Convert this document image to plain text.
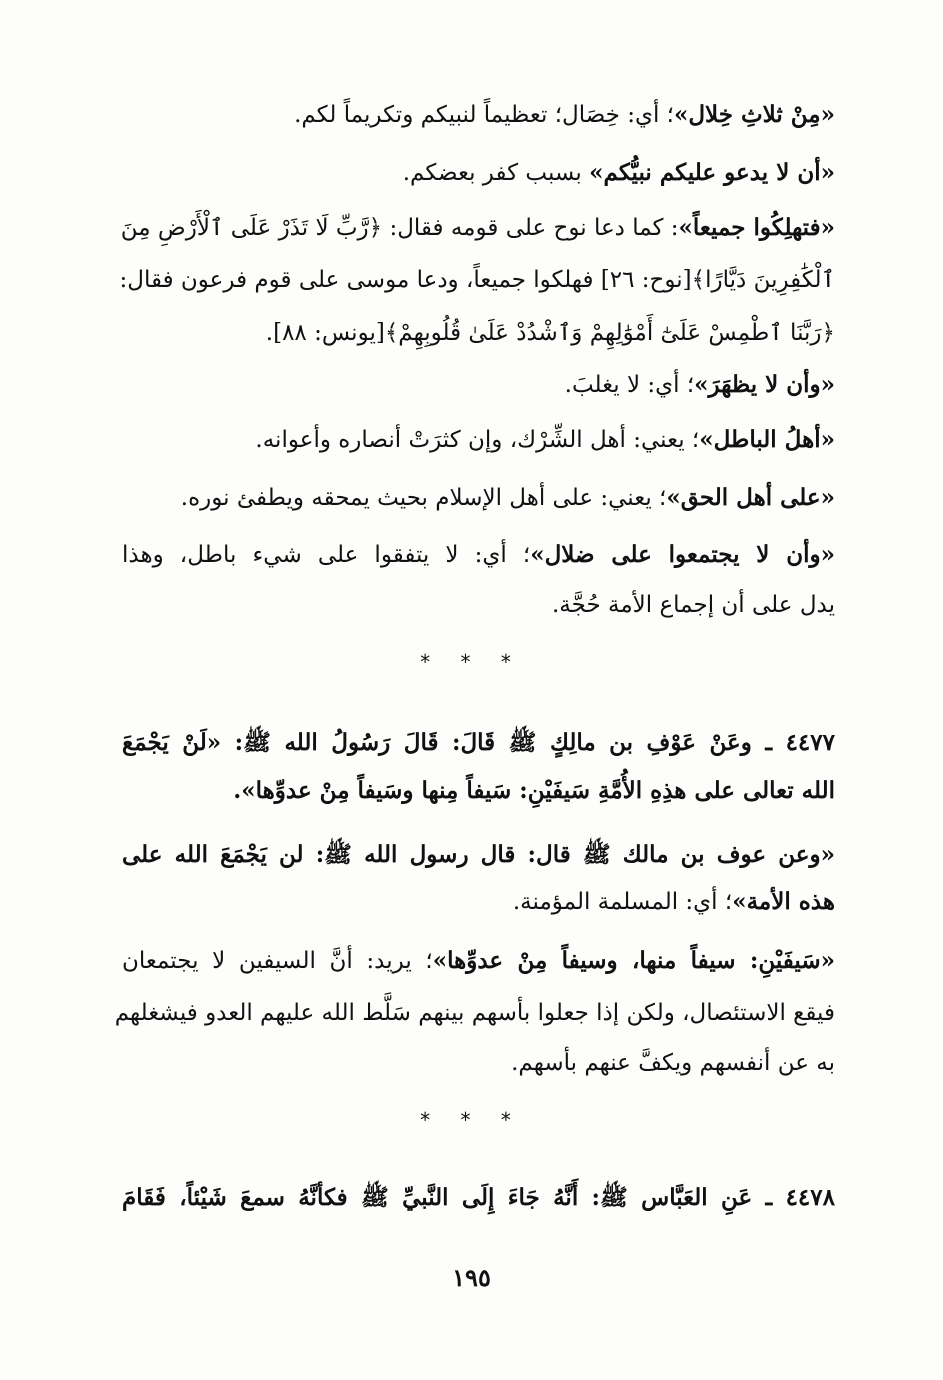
«مِنْ ثلاثِ خِلال»؛ أي: خِصَال؛ تعظيماً لنبيكم وتكريماً لكم.
«أن لا يدعو عليكم نبيُّكم» بسبب كفر بعضكم.
«فتهلِكُوا جميعاً»: كما دعا نوح على قومه فقال: ﴿رَّبِّ لَا تَذَرْ عَلَى ٱلْأَرْضِ مِنَ
ٱلْكَٰفِرِينَ دَيَّارًا﴾[نوح: ٢٦] فهلكوا جميعاً، ودعا موسى على قوم فرعون فقال:
﴿رَبَّنَا ٱطْمِسْ عَلَىٰٓ أَمْوَٰلِهِمْ وَٱشْدُدْ عَلَىٰ قُلُوبِهِمْ﴾[يونس: ٨٨].
«وأن لا يظهَرَ»؛ أي: لا يغلبَ.
«أهلُ الباطل»؛ يعني: أهل الشِّرْك، وإن كثرَتْ أنصاره وأعوانه.
«على أهل الحق»؛ يعني: على أهل الإسلام بحيث يمحقه ويطفئ نوره.
«وأن لا يجتمعوا على ضلال»؛ أي: لا يتفقوا على شيء باطل، وهذا
يدل على أن إجماع الأمة حُجَّة.
٤٤٧٧ ـ وعَنْ عَوْفِ بن مالِكٍ ﷺ قَالَ: قَالَ رَسُولُ الله ﷺ: «لَنْ يَجْمَعَ
الله تعالى على هذِهِ الأُمَّةِ سَيفَيْنِ: سَيفاً مِنها وسَيفاً مِنْ عدوِّها».
«وعن عوف بن مالك ﷺ قال: قال رسول الله ﷺ: لن يَجْمَعَ الله على
هذه الأمة»؛ أي: المسلمة المؤمنة.
«سَيفَيْنِ: سيفاً منها، وسيفاً مِنْ عدوِّها»؛ يريد: أنَّ السيفين لا يجتمعان
فيقع الاستئصال، ولكن إذا جعلوا بأسهم بينهم سَلَّط الله عليهم العدو فيشغلهم
به عن أنفسهم ويكفَّ عنهم بأسهم.
٤٤٧٨ ـ عَنِ العَبَّاس ﷺ: أَنَّهُ جَاءَ إِلَى النَّبيِّ ﷺ فكأنَّهُ سمعَ شَيْئاً، فَقَامَ
* * *
* * *
١٩٥
